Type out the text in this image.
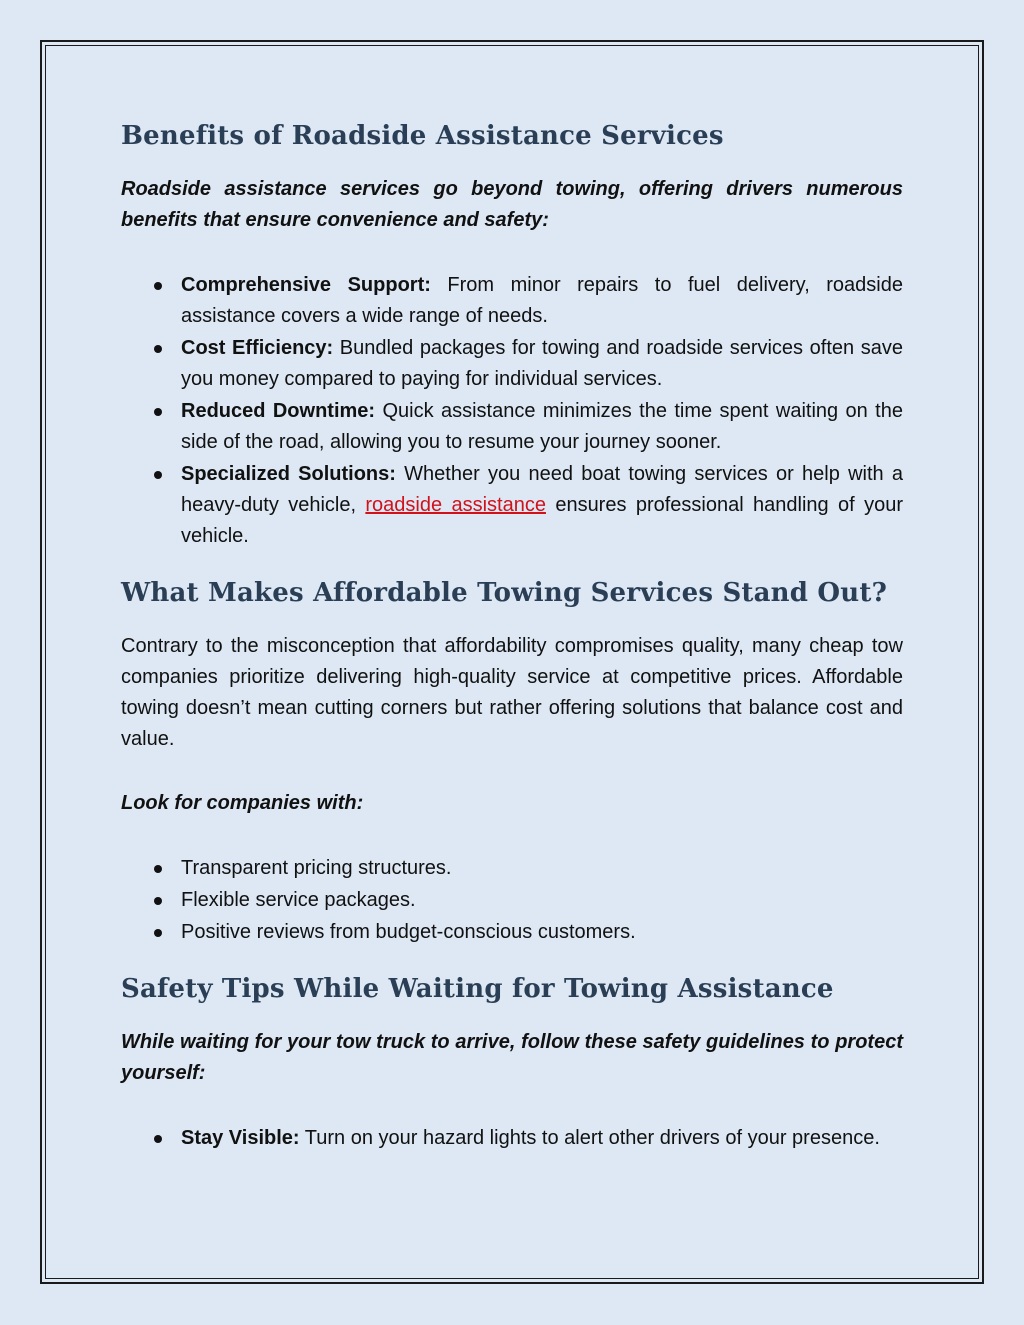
Benefits of Roadside Assistance Services

Roadside assistance services go beyond towing, offering drivers numerous benefits that ensure convenience and safety:

Comprehensive Support: From minor repairs to fuel delivery, roadside assistance covers a wide range of needs.
Cost Efficiency: Bundled packages for towing and roadside services often save you money compared to paying for individual services.
Reduced Downtime: Quick assistance minimizes the time spent waiting on the side of the road, allowing you to resume your journey sooner.
Specialized Solutions: Whether you need boat towing services or help with a heavy-duty vehicle, roadside assistance ensures professional handling of your vehicle.
What Makes Affordable Towing Services Stand Out?

Contrary to the misconception that affordability compromises quality, many cheap tow companies prioritize delivering high-quality service at competitive prices. Affordable towing doesn’t mean cutting corners but rather offering solutions that balance cost and value.

Look for companies with:

Transparent pricing structures.
Flexible service packages.
Positive reviews from budget-conscious customers.
Safety Tips While Waiting for Towing Assistance

While waiting for your tow truck to arrive, follow these safety guidelines to protect yourself:

Stay Visible: Turn on your hazard lights to alert other drivers of your presence.
